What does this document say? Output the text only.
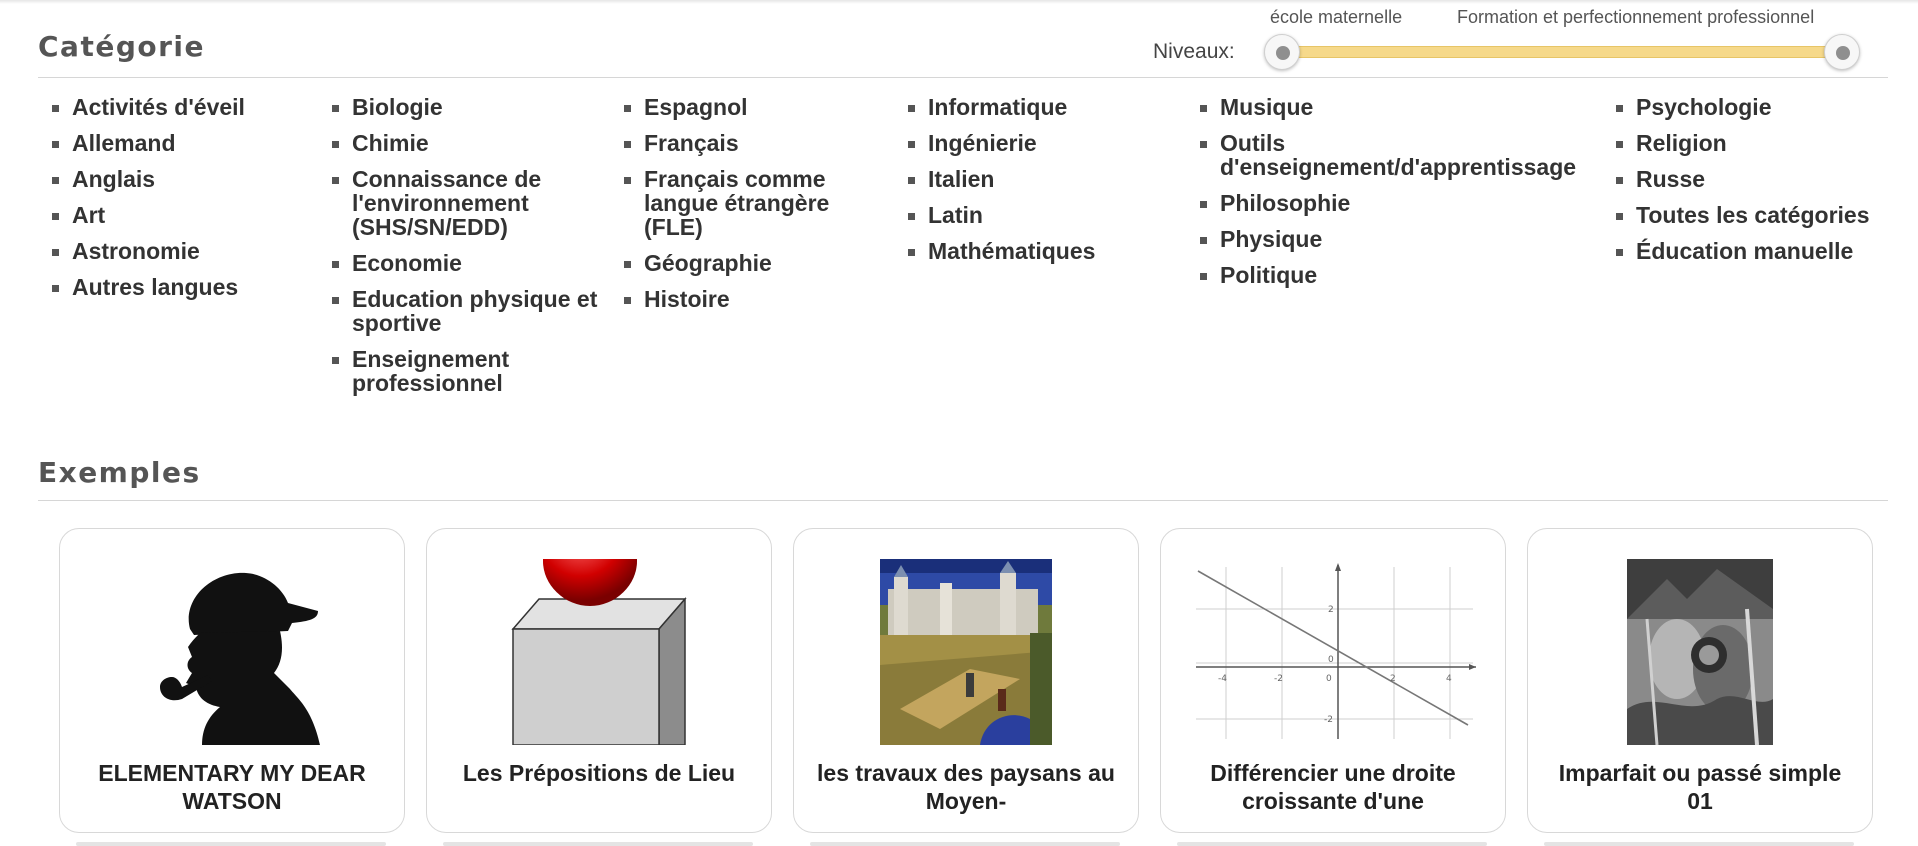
Catégorie	Niveaux:
école maternelle	Formation et perfectionnement professionnel
Activités d'éveil
Allemand
Anglais
Art
Astronomie
Autres langues
Biologie
Chimie
Connaissance de l'environnement (SHS/SN/EDD)
Economie
Education physique et sportive
Enseignement professionnel
Espagnol
Français
Français comme langue étrangère (FLE)
Géographie
Histoire
Informatique
Ingénierie
Italien
Latin
Mathématiques
Musique
Outils d'enseignement/d'apprentissage
Philosophie
Physique
Politique
Psychologie
Religion
Russe
Toutes les catégories
Éducation manuelle
Exemples
ELEMENTARY MY DEAR WATSON
Les Prépositions de Lieu	les travaux des paysans au Moyen-
-4	-2	0	2	4
2
0
-2
Différencier une droite croissante d'une
Imparfait ou passé simple 01
